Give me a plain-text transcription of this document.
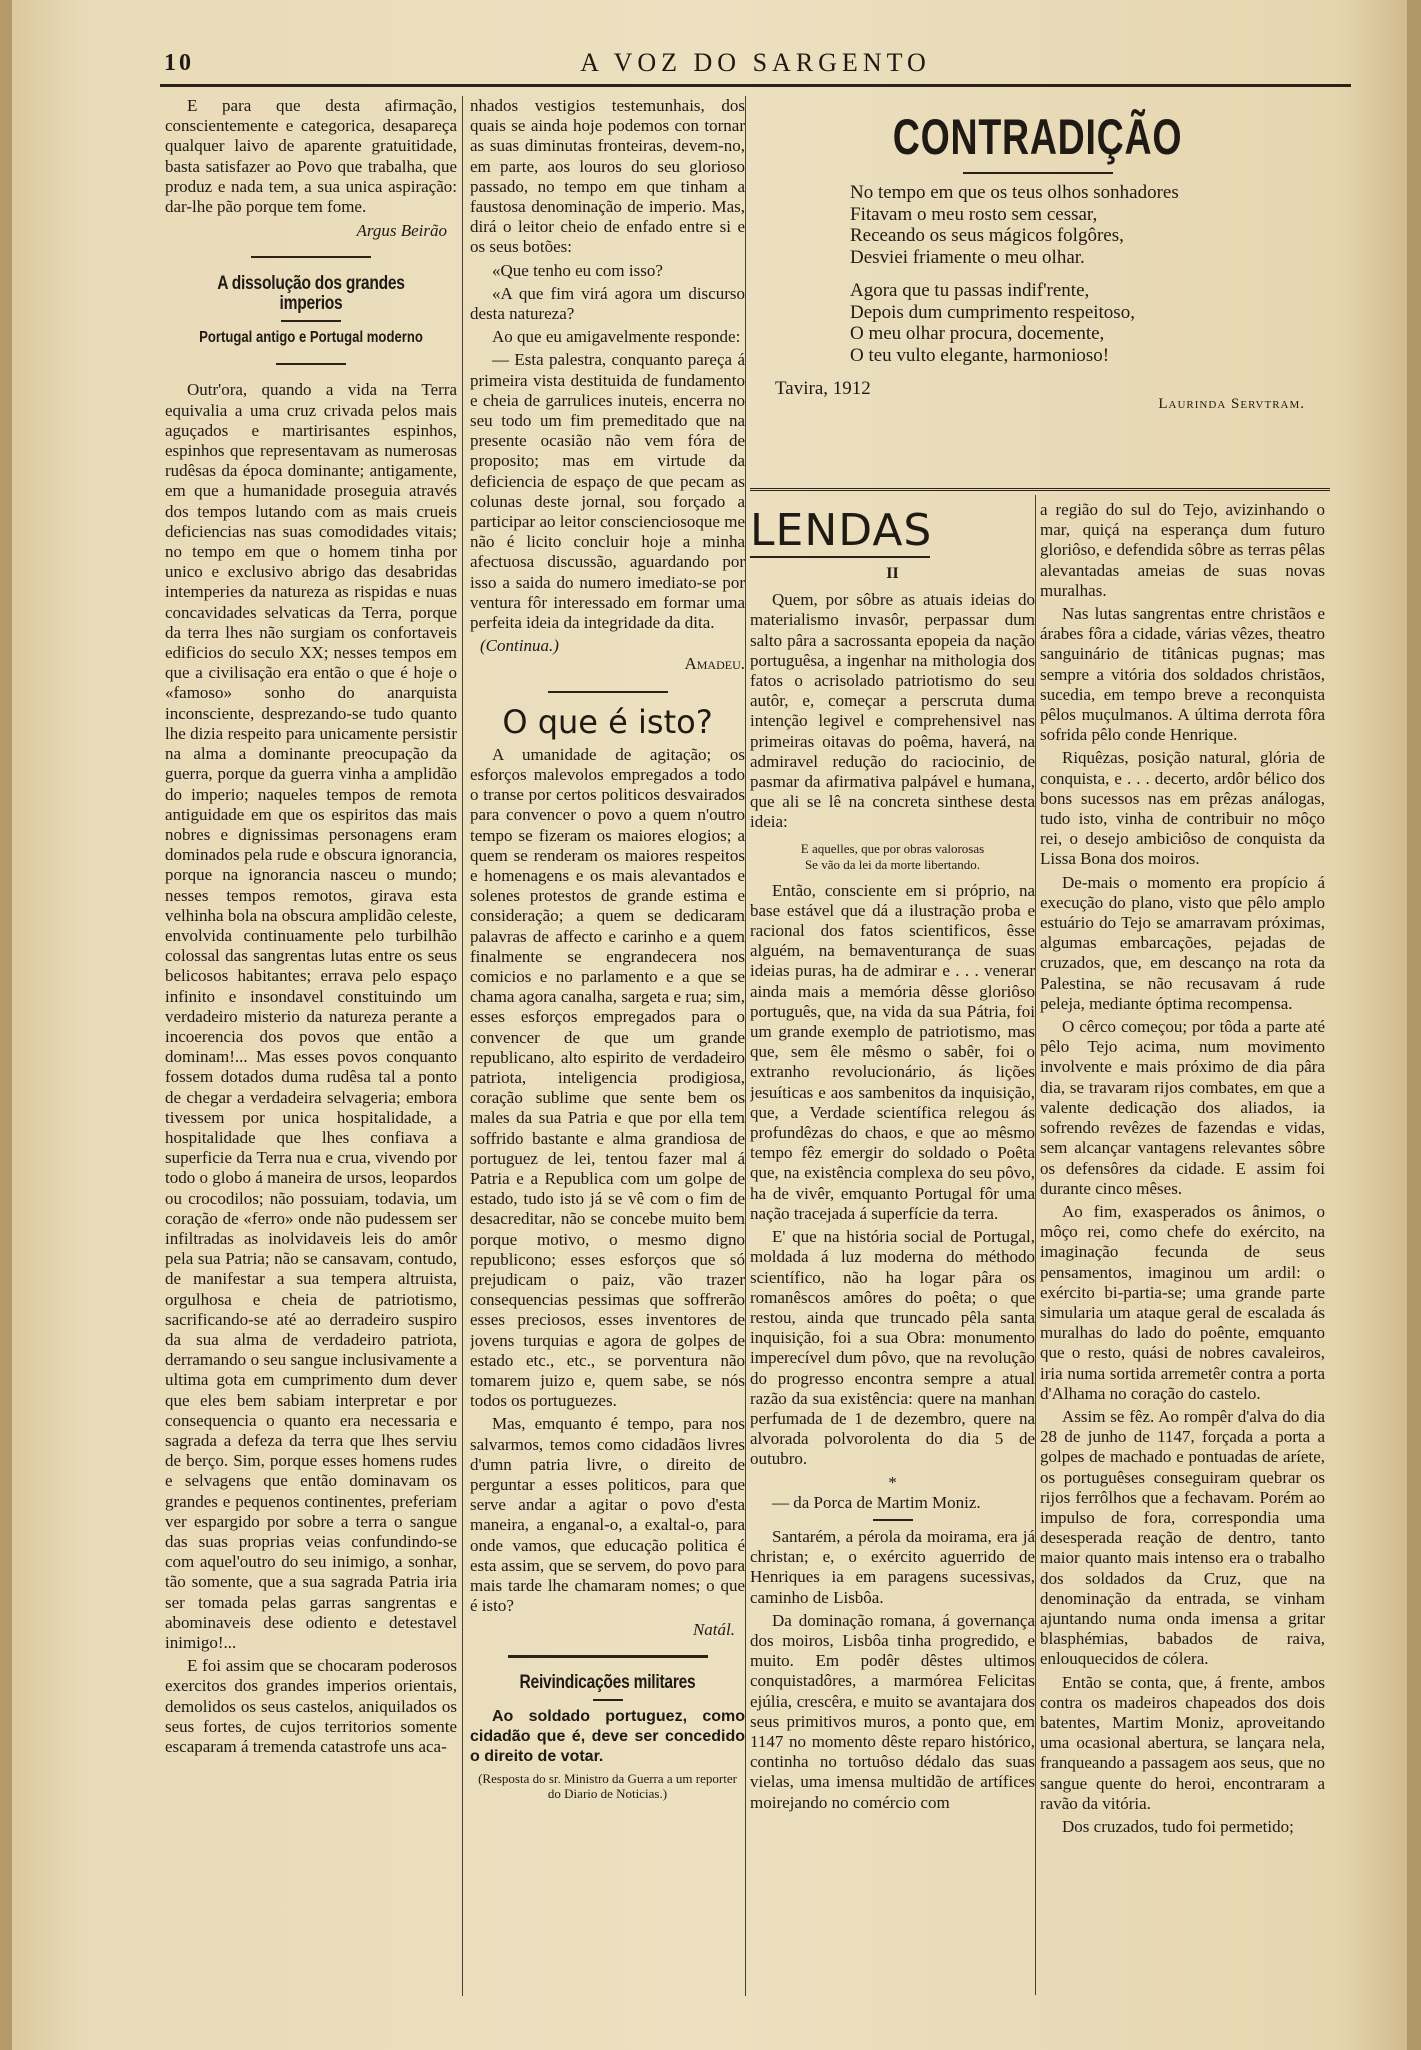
10	A VOZ DO SARGENTO

E para que desta afirmação, conscientemente e categorica, desapareça qualquer laivo de aparente gratuitidade, basta satisfazer ao Povo que trabalha, que produz e nada tem, a sua unica aspiração: dar-lhe pão porque tem fome.

Argus Beirão
A dissolução dos grandes imperios
Portugal antigo e Portugal moderno

Outr'ora, quando a vida na Terra equivalia a uma cruz crivada pelos mais aguçados e martirisantes espinhos, espinhos que representavam as numerosas rudêsas da época dominante; antigamente, em que a humanidade proseguia através dos tempos lutando com as mais crueis deficiencias nas suas comodidades vitais; no tempo em que o homem tinha por unico e exclusivo abrigo das desabridas intemperies da natureza as rispidas e nuas concavidades selvaticas da Terra, porque da terra lhes não surgiam os confortaveis edificios do seculo XX; nesses tempos em que a civilisação era então o que é hoje o «famoso» sonho do anarquista inconsciente, desprezando-se tudo quanto lhe dizia respeito para unicamente persistir na alma a dominante preocupação da guerra, porque da guerra vinha a amplidão do imperio; naqueles tempos de remota antiguidade em que os espiritos das mais nobres e dignissimas personagens eram dominados pela rude e obscura ignorancia, porque na ignorancia nasceu o mundo; nesses tempos remotos, girava esta velhinha bola na obscura amplidão celeste, envolvida continuamente pelo turbilhão colossal das sangrentas lutas entre os seus belicosos habitantes; errava pelo espaço infinito e insondavel constituindo um verdadeiro misterio da natureza perante a incoerencia dos povos que então a dominam!... Mas esses povos conquanto fossem dotados duma rudêsa tal a ponto de chegar a verdadeira selvageria; embora tivessem por unica hospitalidade, a hospitalidade que lhes confiava a superficie da Terra nua e crua, vivendo por todo o globo á maneira de ursos, leopardos ou crocodilos; não possuiam, todavia, um coração de «ferro» onde não pudessem ser infiltradas as inolvidaveis leis do amôr pela sua Patria; não se cansavam, contudo, de manifestar a sua tempera altruista, orgulhosa e cheia de patriotismo, sacrificando-se até ao derradeiro suspiro da sua alma de verdadeiro patriota, derramando o seu sangue inclusivamente a ultima gota em cumprimento dum dever que eles bem sabiam interpretar e por consequencia o quanto era necessaria e sagrada a defeza da terra que lhes serviu de berço. Sim, porque esses homens rudes e selvagens que então dominavam os grandes e pequenos continentes, preferiam ver espargido por sobre a terra o sangue das suas proprias veias confundindo-se com aquel'outro do seu inimigo, a sonhar, tão somente, que a sua sagrada Patria iria ser tomada pelas garras sangrentas e abominaveis dese odiento e detestavel inimigo!...

E foi assim que se chocaram poderosos exercitos dos grandes imperios orientais, demolidos os seus castelos, aniquilados os seus fortes, de cujos territorios somente escaparam á tremenda catastrofe uns aca-

nhados vestigios testemunhais, dos quais se ainda hoje podemos con tornar as suas diminutas fronteiras, devem-no, em parte, aos louros do seu glorioso passado, no tempo em que tinham a faustosa denominação de imperio. Mas, dirá o leitor cheio de enfado entre si e os seus botões:

«Que tenho eu com isso?

«A que fim virá agora um discurso desta natureza?

Ao que eu amigavelmente responde:

— Esta palestra, conquanto pareça á primeira vista destituida de fundamento e cheia de garrulices inuteis, encerra no seu todo um fim premeditado que na presente ocasião não vem fóra de proposito; mas em virtude da deficiencia de espaço de que pecam as colunas deste jornal, sou forçado a participar ao leitor conscienciosoque me não é licito concluir hoje a minha afectuosa discussão, aguardando por isso a saida do numero imediato-se por ventura fôr interessado em formar uma perfeita ideia da integridade da dita.

(Continua.)
Amadeu.
O que é isto?

A umanidade de agitação; os esforços malevolos empregados a todo o transe por certos politicos desvairados para convencer o povo a quem n'outro tempo se fizeram os maiores elogios; a quem se renderam os maiores respeitos e homenagens e os mais alevantados e solenes protestos de grande estima e consideração; a quem se dedicaram palavras de affecto e carinho e a quem finalmente se engrandecera nos comicios e no parlamento e a que se chama agora canalha, sargeta e rua; sim, esses esforços empregados para o convencer de que um grande republicano, alto espirito de verdadeiro patriota, inteligencia prodigiosa, coração sublime que sente bem os males da sua Patria e que por ella tem soffrido bastante e alma grandiosa de portuguez de lei, tentou fazer mal á Patria e a Republica com um golpe de estado, tudo isto já se vê com o fim de desacreditar, não se concebe muito bem porque motivo, o mesmo digno republicono; esses esforços que só prejudicam o paiz, vão trazer consequencias pessimas que soffrerão esses preciosos, esses inventores de jovens turquias e agora de golpes de estado etc., etc., se porventura não tomarem juizo e, quem sabe, se nós todos os portuguezes.

Mas, emquanto é tempo, para nos salvarmos, temos como cidadãos livres d'umn patria livre, o direito de perguntar a esses politicos, para que serve andar a agitar o povo d'esta maneira, a enganal-o, a exaltal-o, para onde vamos, que educação politica é esta assim, que se servem, do povo para mais tarde lhe chamaram nomes; o que é isto?

Natál.
Reivindicações militares

Ao soldado portuguez, como cidadão que é, deve ser concedido o direito de votar.

(Resposta do sr. Ministro da Guerra a um reporter do Diario de Noticias.)

CONTRADIÇÃO
No tempo em que os teus olhos sonhadores
Fitavam o meu rosto sem cessar,
Receando os seus mágicos folgôres,
Desviei friamente o meu olhar.
Agora que tu passas indif'rente,
Depois dum cumprimento respeitoso,
O meu olhar procura, docemente,
O teu vulto elegante, harmonioso!
Tavira, 1912
Laurinda Servtram.
LENDAS
II

Quem, por sôbre as atuais ideias do materialismo invasôr, perpassar dum salto pâra a sacrossanta epopeia da nação portuguêsa, a ingenhar na mithologia dos fatos o acrisolado patriotismo do seu autôr, e, começar a perscruta duma intenção legivel e comprehensivel nas primeiras oitavas do poêma, haverá, na admiravel redução do raciocinio, de pasmar da afirmativa palpável e humana, que ali se lê na concreta sinthese desta ideia:

E aquelles, que por obras valorosas
Se vão da lei da morte libertando.

Então, consciente em si próprio, na base estável que dá a ilustração proba e racional dos fatos scientificos, êsse alguém, na bemaventurança de suas ideias puras, ha de admirar e . . . venerar ainda mais a memória dêsse gloriôso português, que, na vida da sua Pátria, foi um grande exemplo de patriotismo, mas que, sem êle mêsmo o sabêr, foi o extranho revolucionário, ás lições jesuíticas e aos sambenitos da inquisição, que, a Verdade scientífica relegou ás profundêzas do chaos, e que ao mêsmo tempo fêz emergir do soldado o Poêta que, na existência complexa do seu pôvo, ha de vivêr, emquanto Portugal fôr uma nação tracejada á superfície da terra.

E' que na história social de Portugal, moldada á luz moderna do méthodo scientífico, não ha logar pâra os romanêscos amôres do poêta; o que restou, ainda que truncado pêla santa inquisição, foi a sua Obra: monumento imperecível dum pôvo, que na revolução do progresso encontra sempre a atual razão da sua existência: quere na manhan perfumada de 1 de dezembro, quere na alvorada polvorolenta do dia 5 de outubro.

*

— da Porca de Martim Moniz.

Santarém, a pérola da moirama, era já christan; e, o exército aguerrido de Henriques ia em paragens sucessivas, caminho de Lisbôa.

Da dominação romana, á governança dos moiros, Lisbôa tinha progredido, e muito. Em podêr dêstes ultimos conquistadôres, a marmórea Felicitas ejúlia, crescêra, e muito se avantajara dos seus primitivos muros, a ponto que, em 1147 no momento dêste reparo histórico, continha no tortuôso dédalo das suas vielas, uma imensa multidão de artífices moirejando no comércio com

a região do sul do Tejo, avizinhando o mar, quiçá na esperança dum futuro gloriôso, e defendida sôbre as terras pêlas alevantadas ameias de suas novas muralhas.

Nas lutas sangrentas entre christãos e árabes fôra a cidade, várias vêzes, theatro sanguinário de titânicas pugnas; mas sempre a vitória dos soldados christãos, sucedia, em tempo breve a reconquista pêlos muçulmanos. A última derrota fôra sofrida pêlo conde Henrique.

Riquêzas, posição natural, glória de conquista, e . . . decerto, ardôr bélico dos bons sucessos nas em prêzas análogas, tudo isto, vinha de contribuir no môço rei, o desejo ambiciôso de conquista da Lissa Bona dos moiros.

De-mais o momento era propício á execução do plano, visto que pêlo amplo estuário do Tejo se amarravam próximas, algumas embarcações, pejadas de cruzados, que, em descanço na rota da Palestina, se não recusavam á rude peleja, mediante óptima recompensa.

O cêrco começou; por tôda a parte até pêlo Tejo acima, num movimento involvente e mais próximo de dia pâra dia, se travaram rijos combates, em que a valente dedicação dos aliados, ia sofrendo revêzes de fazendas e vidas, sem alcançar vantagens relevantes sôbre os defensôres da cidade. E assim foi durante cinco mêses.

Ao fim, exasperados os ânimos, o môço rei, como chefe do exército, na imaginação fecunda de seus pensamentos, imaginou um ardil: o exército bi-partia-se; uma grande parte simularia um ataque geral de escalada ás muralhas do lado do poênte, emquanto que o resto, quási de nobres cavaleiros, iria numa sortida arremetêr contra a porta d'Alhama no coração do castelo.

Assim se fêz. Ao rompêr d'alva do dia 28 de junho de 1147, forçada a porta a golpes de machado e pontuadas de aríete, os portuguêses conseguiram quebrar os rijos ferrôlhos que a fechavam. Porém ao impulso de fora, correspondia uma desesperada reação de dentro, tanto maior quanto mais intenso era o trabalho dos soldados da Cruz, que na denominação da entrada, se vinham ajuntando numa onda imensa a gritar blasphémias, babados de raiva, enlouquecidos de cólera.

Então se conta, que, á frente, ambos contra os madeiros chapeados dos dois batentes, Martim Moniz, aproveitando uma ocasional abertura, se lançara nela, franqueando a passagem aos seus, que no sangue quente do heroi, encontraram a ravão da vitória.

Dos cruzados, tudo foi permetido;
